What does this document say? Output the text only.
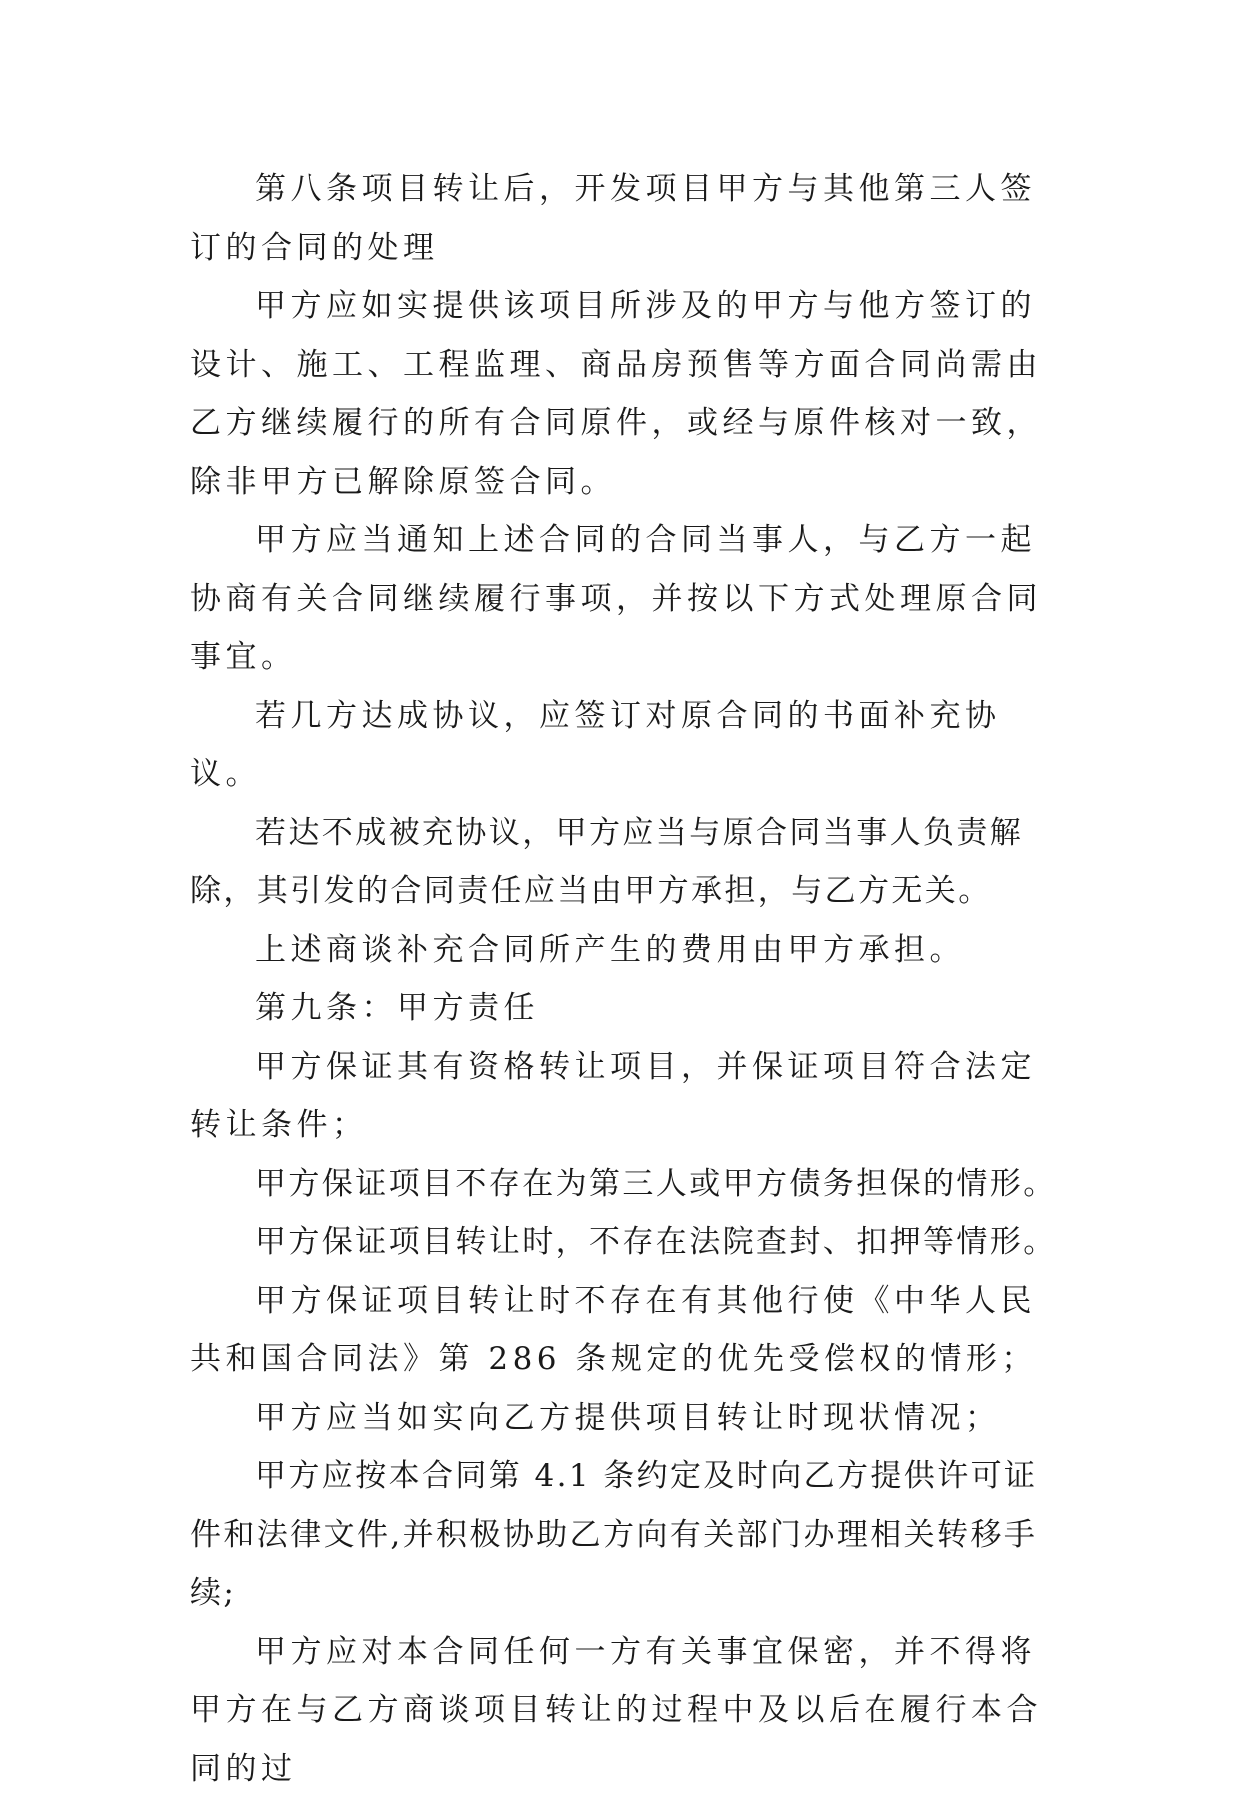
第八条项目转让后，开发项目甲方与其他第三人签订的合同的处理

甲方应如实提供该项目所涉及的甲方与他方签订的设计、施工、工程监理、商品房预售等方面合同尚需由乙方继续履行的所有合同原件，或经与原件核对一致，除非甲方已解除原签合同。

甲方应当通知上述合同的合同当事人，与乙方一起协商有关合同继续履行事项，并按以下方式处理原合同事宜。

若几方达成协议，应签订对原合同的书面补充协议。

若达不成被充协议，甲方应当与原合同当事人负责解除，其引发的合同责任应当由甲方承担，与乙方无关。

上述商谈补充合同所产生的费用由甲方承担。

第九条：甲方责任

甲方保证其有资格转让项目，并保证项目符合法定转让条件；

甲方保证项目不存在为第三人或甲方债务担保的情形。

甲方保证项目转让时，不存在法院查封、扣押等情形。

甲方保证项目转让时不存在有其他行使《中华人民共和国合同法》第 286 条规定的优先受偿权的情形；

甲方应当如实向乙方提供项目转让时现状情况；

甲方应按本合同第 4.1 条约定及时向乙方提供许可证件和法律文件,并积极协助乙方向有关部门办理相关转移手续;

甲方应对本合同任何一方有关事宜保密，并不得将甲方在与乙方商谈项目转让的过程中及以后在履行本合同的过
